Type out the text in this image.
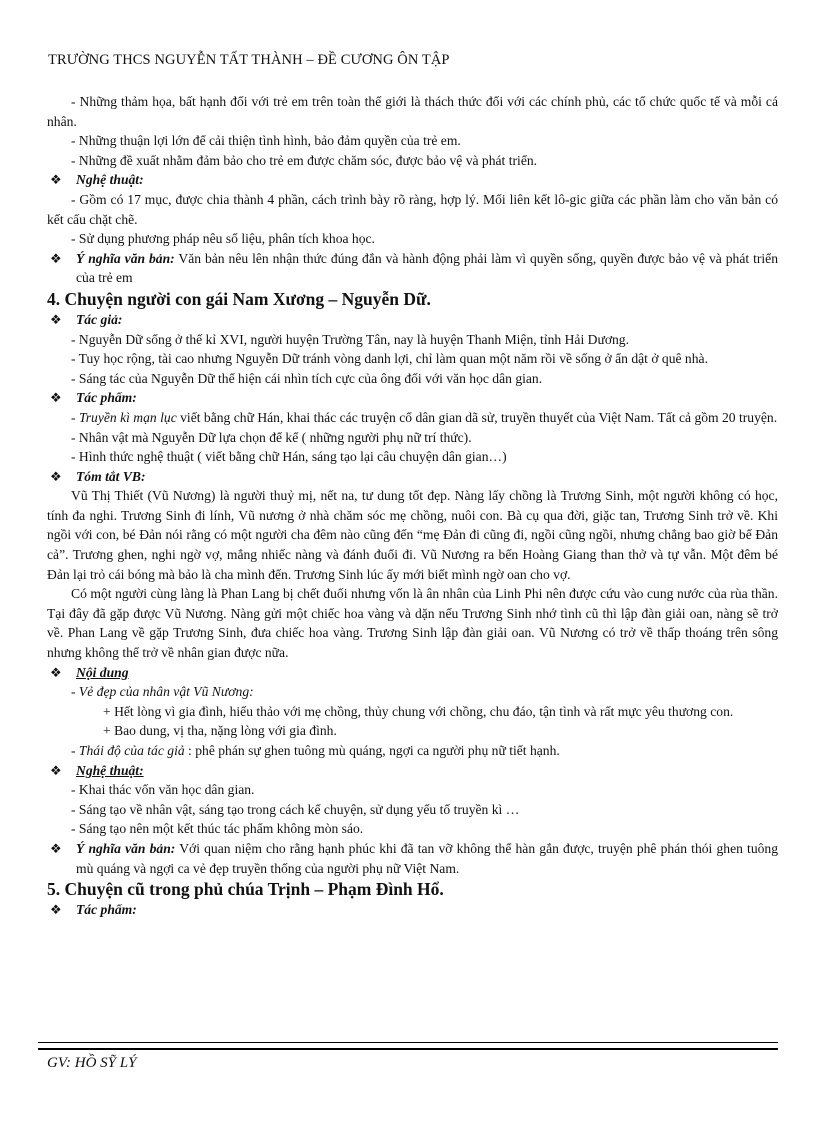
TRƯỜNG THCS NGUYỄN TẤT THÀNH – ĐỀ CƯƠNG ÔN TẬP

- Những thảm họa, bất hạnh đối với trẻ em trên toàn thế giới là thách thức đối với các chính phủ, các tổ chức quốc tế và mỗi cá nhân.

- Những thuận lợi lớn để cải thiện tình hình, bảo đảm quyền của trẻ em.

- Những đề xuất nhằm đảm bảo cho trẻ em được chăm sóc, được bảo vệ và phát triển.

❖	Nghệ thuật:

- Gồm có 17 mục, được chia thành 4 phần, cách trình bày rõ ràng, hợp lý. Mối liên kết lô-gic giữa các phần làm cho văn bản có kết cấu chặt chẽ.

- Sử dụng phương pháp nêu số liệu, phân tích khoa học.

❖	Ý nghĩa văn bản: Văn bản nêu lên nhận thức đúng đắn và hành động phải làm vì quyền sống, quyền được bảo vệ và phát triển của trẻ em

4. Chuyện người con gái Nam Xương – Nguyễn Dữ.

❖	Tác giả:

- Nguyễn Dữ sống ở thế kỉ XVI, người huyện Trường Tân, nay là huyện Thanh Miện, tỉnh Hải Dương.

- Tuy học rộng, tài cao nhưng Nguyễn Dữ tránh vòng danh lợi, chỉ làm quan một năm rồi về sống ở ẩn dật ở quê nhà.

- Sáng tác của Nguyễn Dữ thể hiện cái nhìn tích cực của ông đối với văn học dân gian.

❖	Tác phẩm:

- Truyền kì mạn lục viết bằng chữ Hán, khai thác các truyện cổ dân gian dã sử, truyền thuyết của Việt Nam. Tất cả gồm 20 truyện.

- Nhân vật mà Nguyễn Dữ lựa chọn để kể ( những người phụ nữ trí thức).

- Hình thức nghệ thuật ( viết bằng chữ Hán, sáng tạo lại câu chuyện dân gian…)

❖	Tóm tắt VB:

Vũ Thị Thiết (Vũ Nương) là người thuỷ mị, nết na, tư dung tốt đẹp. Nàng lấy chồng là Trương Sinh, một người không có học, tính đa nghi. Trương Sinh đi lính, Vũ nương ở nhà chăm sóc mẹ chồng, nuôi con. Bà cụ qua đời, giặc tan, Trương Sinh trở về. Khi ngồi với con, bé Đản nói rằng có một người cha đêm nào cũng đến “mẹ Đản đi cũng đi, ngồi cũng ngồi, nhưng chẳng bao giờ bế Đản cả”. Trương ghen, nghi ngờ vợ, mắng nhiếc nàng và đánh đuổi đi. Vũ Nương ra bến Hoàng Giang than thở và tự vẫn. Một đêm bé Đản lại trỏ cái bóng mà bảo là cha mình đến. Trương Sinh lúc ấy mới biết mình ngờ oan cho vợ.

Có một người cùng làng là Phan Lang bị chết đuối nhưng vốn là ân nhân của Linh Phi nên được cứu vào cung nước của rùa thần. Tại đây đã gặp được Vũ Nương. Nàng gửi một chiếc hoa vàng và dặn nếu Trương Sinh nhớ tình cũ thì lập đàn giải oan, nàng sẽ trở về. Phan Lang về gặp Trương Sinh, đưa chiếc hoa vàng. Trương Sinh lập đàn giải oan. Vũ Nương có trở về thấp thoáng trên sông nhưng không thể trở về nhân gian được nữa.

❖	Nội dung

- Vẻ đẹp của nhân vật Vũ Nương:

+ Hết lòng vì gia đình, hiếu thảo với mẹ chồng, thủy chung với chồng, chu đáo, tận tình và rất mực yêu thương con.

+ Bao dung, vị tha, nặng lòng với gia đình.

- Thái độ của tác giả : phê phán sự ghen tuông mù quáng, ngợi ca người phụ nữ tiết hạnh.

❖	Nghệ thuật:

- Khai thác vốn văn học dân gian.

- Sáng tạo về nhân vật, sáng tạo trong cách kể chuyện, sử dụng yếu tố truyền kì …

- Sáng tạo nên một kết thúc tác phẩm không mòn sáo.

❖	Ý nghĩa văn bản: Với quan niệm cho rằng hạnh phúc khi đã tan vỡ không thể hàn gắn được, truyện phê phán thói ghen tuông mù quáng và ngợi ca vẻ đẹp truyền thống của người phụ nữ Việt Nam.

5. Chuyện cũ trong phủ chúa Trịnh – Phạm Đình Hổ.

❖	Tác phẩm:
GV: HỒ SỸ LÝ
